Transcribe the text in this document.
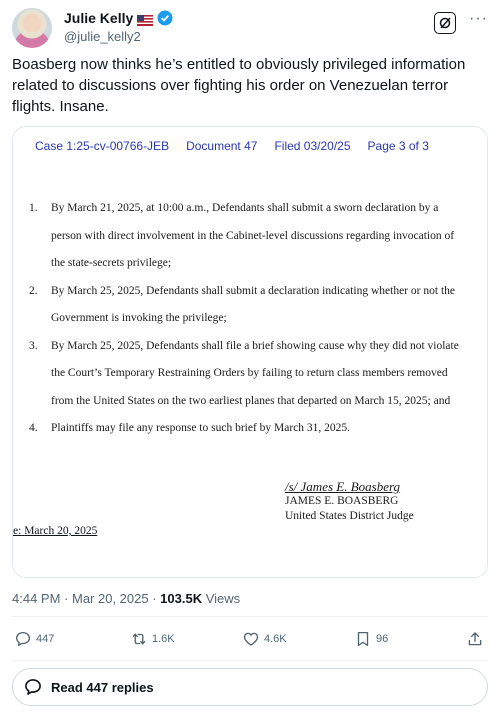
Julie Kelly
@julie_kelly2
···
Boasberg now thinks he’s entitled to obviously privileged information related to discussions over fighting his order on Venezuelan terror flights. Insane.
Case 1:25-cv-00766-JEB Document 47 Filed 03/20/25 Page 3 of 3
1. By March 21, 2025, at 10:00 a.m., Defendants shall submit a sworn declaration by a person with direct involvement in the Cabinet-level discussions regarding invocation of the state-secrets privilege;
2. By March 25, 2025, Defendants shall submit a declaration indicating whether or not the Government is invoking the privilege;
3. By March 25, 2025, Defendants shall file a brief showing cause why they did not violate the Court’s Temporary Restraining Orders by failing to return class members removed from the United States on the two earliest planes that departed on March 15, 2025; and
4. Plaintiffs may file any response to such brief by March 31, 2025.
/s/ James E. Boasberg
JAMES E. BOASBERG
United States District Judge
e: March 20, 2025
4:44 PM · Mar 20, 2025 · 103.5K Views
447	1.6K	4.6K	96
Read 447 replies
